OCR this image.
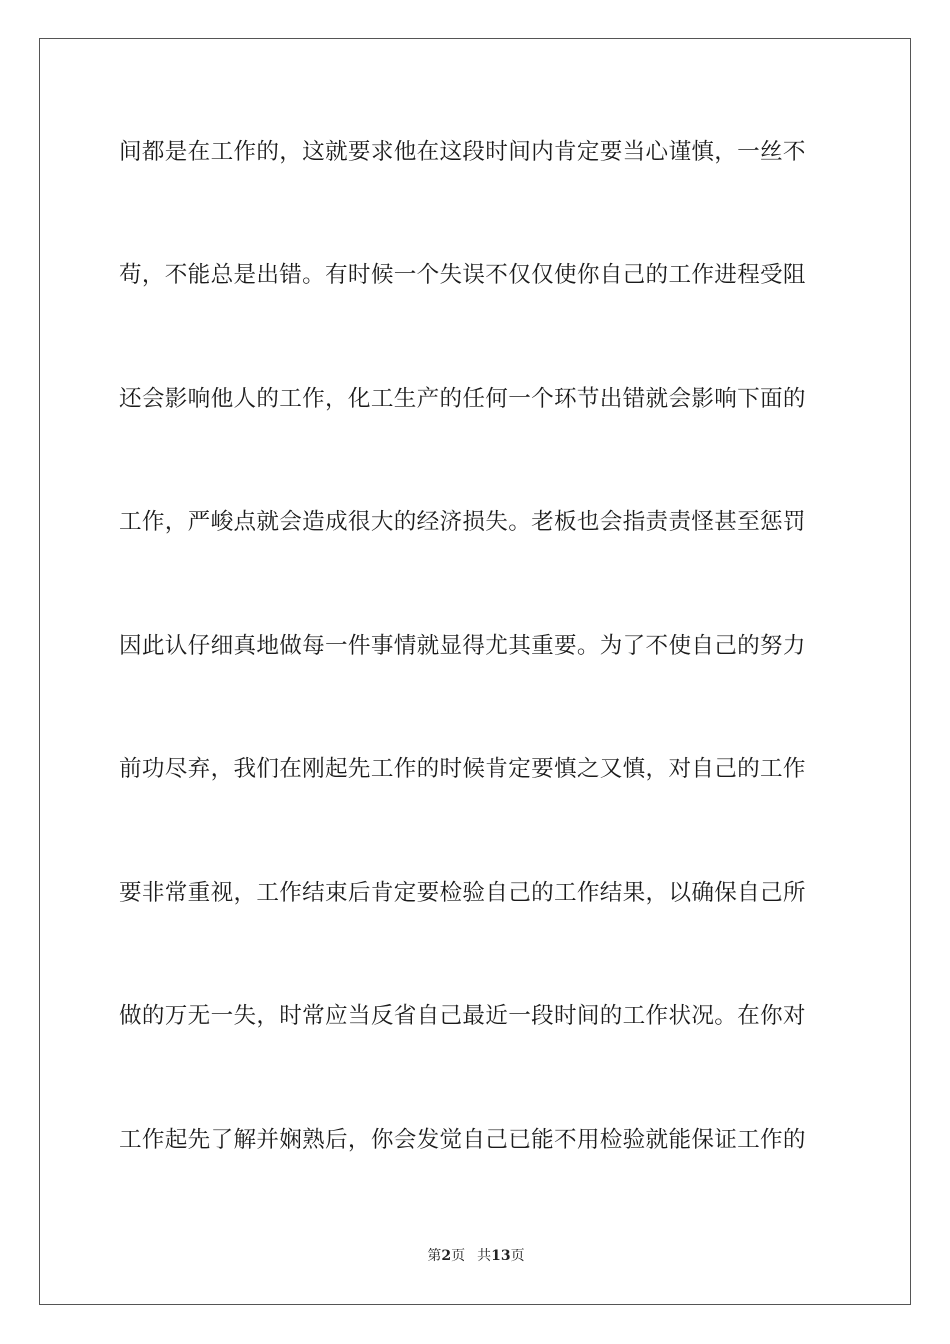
间都是在工作的，这就要求他在这段时间内肯定要当心谨慎，一丝不
苟，不能总是出错。有时候一个失误不仅仅使你自己的工作进程受阻
还会影响他人的工作，化工生产的任何一个环节出错就会影响下面的
工作，严峻点就会造成很大的经济损失。老板也会指责责怪甚至惩罚
因此认仔细真地做每一件事情就显得尤其重要。为了不使自己的努力
前功尽弃，我们在刚起先工作的时候肯定要慎之又慎，对自己的工作
要非常重视，工作结束后肯定要检验自己的工作结果，以确保自己所
做的万无一失，时常应当反省自己最近一段时间的工作状况。在你对
工作起先了解并娴熟后，你会发觉自己已能不用检验就能保证工作的
第2页 共13页
